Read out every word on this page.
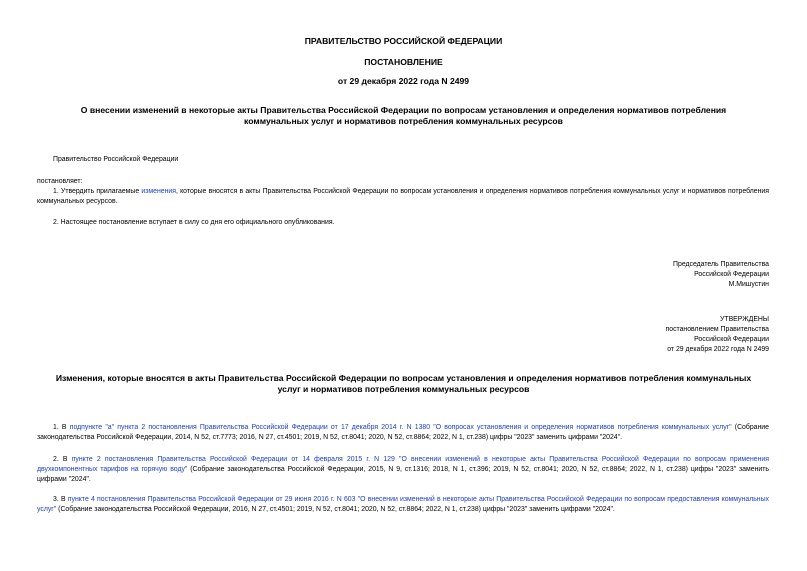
ПРАВИТЕЛЬСТВО РОССИЙСКОЙ ФЕДЕРАЦИИ
ПОСТАНОВЛЕНИЕ
от 29 декабря 2022 года N 2499
О внесении изменений в некоторые акты Правительства Российской Федерации по вопросам установления и определения нормативов потребления
коммунальных услуг и нормативов потребления коммунальных ресурсов
Правительство Российской Федерации
постановляет:
1. Утвердить прилагаемые изменения, которые вносятся в акты Правительства Российской Федерации по вопросам установления и определения нормативов потребления коммунальных услуг и нормативов потребления коммунальных ресурсов.
2. Настоящее постановление вступает в силу со дня его официального опубликования.
Председатель Правительства
Российской Федерации
М.Мишустин
УТВЕРЖДЕНЫ
постановлением Правительства
Российской Федерации
от 29 декабря 2022 года N 2499
Изменения, которые вносятся в акты Правительства Российской Федерации по вопросам установления и определения нормативов потребления коммунальных
услуг и нормативов потребления коммунальных ресурсов
1. В подпункте "а" пункта 2 постановления Правительства Российской Федерации от 17 декабря 2014 г. N 1380 "О вопросах установления и определения нормативов потребления коммунальных услуг" (Собрание законодательства Российской Федерации, 2014, N 52, ст.7773; 2016, N 27, ст.4501; 2019, N 52, ст.8041; 2020, N 52, ст.8864; 2022, N 1, ст.238) цифры "2023" заменить цифрами "2024".
2. В пункте 2 постановления Правительства Российской Федерации от 14 февраля 2015 г. N 129 "О внесении изменений в некоторые акты Правительства Российской Федерации по вопросам применения двухкомпонентных тарифов на горячую воду" (Собрание законодательства Российской Федерации, 2015, N 9, ст.1316; 2018, N 1, ст.396; 2019, N 52, ст.8041; 2020, N 52, ст.8864; 2022, N 1, ст.238) цифры "2023" заменить цифрами "2024".
3. В пункте 4 постановления Правительства Российской Федерации от 29 июня 2016 г. N 603 "О внесении изменений в некоторые акты Правительства Российской Федерации по вопросам предоставления коммунальных услуг" (Собрание законодательства Российской Федерации, 2016, N 27, ст.4501; 2019, N 52, ст.8041; 2020, N 52, ст.8864; 2022, N 1, ст.238) цифры "2023" заменить цифрами "2024".
